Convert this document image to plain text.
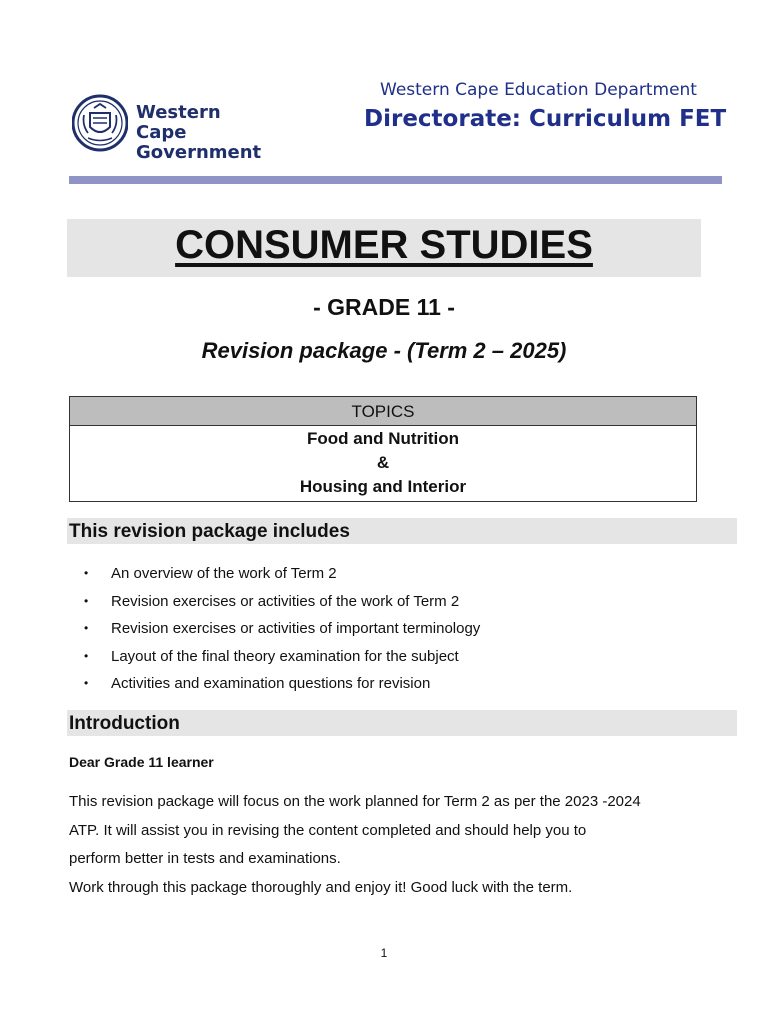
Western Cape
Government
Western Cape Education Department
Directorate: Curriculum FET
CONSUMER STUDIES
- GRADE 11 -
Revision package - (Term 2 – 2025)
TOPICS
Food and Nutrition
&
Housing and Interior
This revision package includes
• An overview of the work of Term 2
• Revision exercises or activities of the work of Term 2
• Revision exercises or activities of important terminology
• Layout of the final theory examination for the subject
• Activities and examination questions for revision
Introduction
Dear Grade 11 learner
This revision package will focus on the work planned for Term 2 as per the 2023 -2024
ATP. It will assist you in revising the content completed and should help you to
perform better in tests and examinations.
Work through this package thoroughly and enjoy it! Good luck with the term.
1
